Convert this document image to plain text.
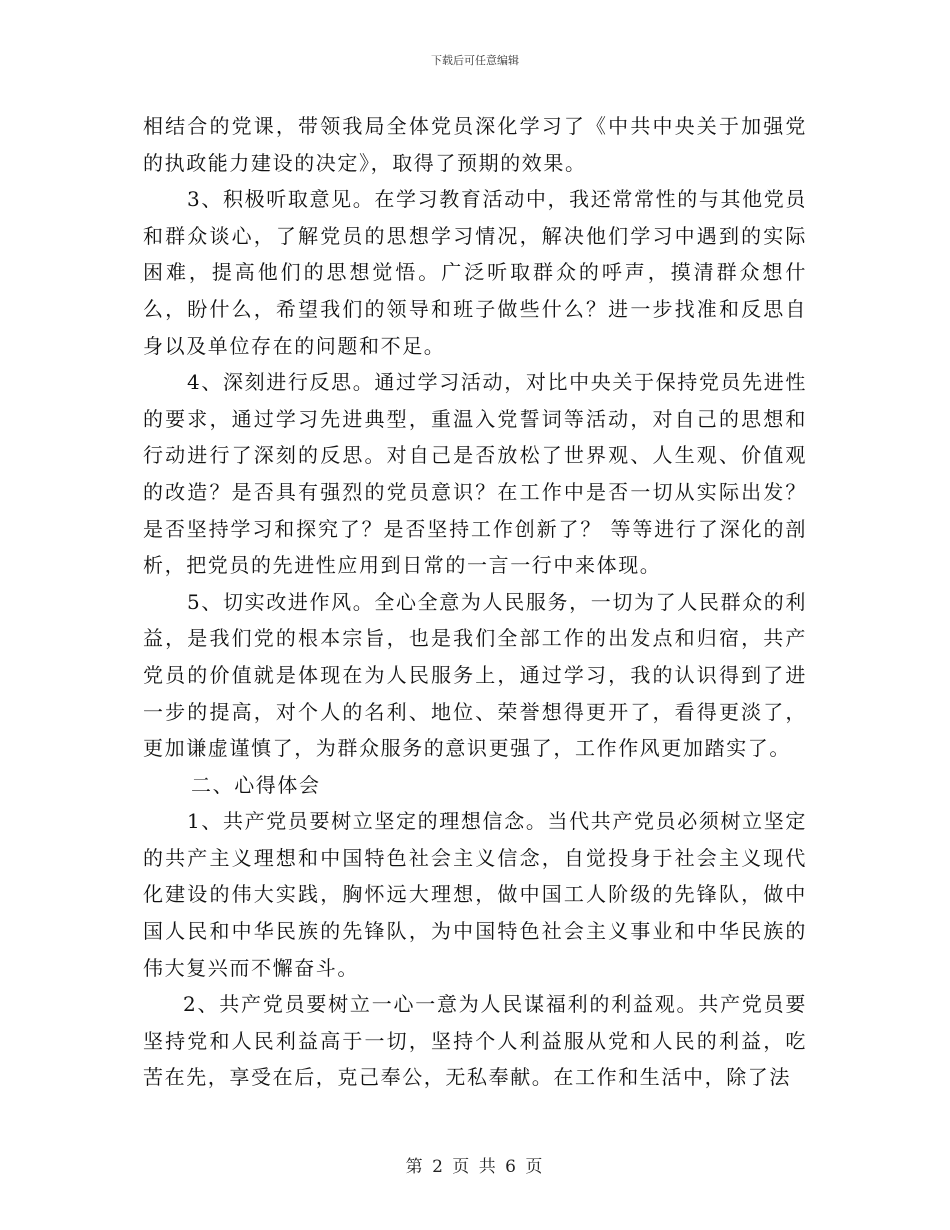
下载后可任意编辑

相结合的党课，带领我局全体党员深化学习了《中共中央关于加强党的执政能力建设的决定》，取得了预期的效果。

3、积极听取意见。在学习教育活动中，我还常常性的与其他党员和群众谈心，了解党员的思想学习情况，解决他们学习中遇到的实际困难，提高他们的思想觉悟。广泛听取群众的呼声，摸清群众想什么，盼什么，希望我们的领导和班子做些什么？进一步找准和反思自身以及单位存在的问题和不足。

4、深刻进行反思。通过学习活动，对比中央关于保持党员先进性的要求，通过学习先进典型，重温入党誓词等活动，对自己的思想和行动进行了深刻的反思。对自己是否放松了世界观、人生观、价值观的改造？是否具有强烈的党员意识？在工作中是否一切从实际出发？是否坚持学习和探究了？是否坚持工作创新了？ 等等进行了深化的剖析，把党员的先进性应用到日常的一言一行中来体现。

5、切实改进作风。全心全意为人民服务，一切为了人民群众的利益，是我们党的根本宗旨，也是我们全部工作的出发点和归宿，共产党员的价值就是体现在为人民服务上，通过学习，我的认识得到了进一步的提高，对个人的名利、地位、荣誉想得更开了，看得更淡了，更加谦虚谨慎了，为群众服务的意识更强了，工作作风更加踏实了。

二、心得体会

1、共产党员要树立坚定的理想信念。当代共产党员必须树立坚定的共产主义理想和中国特色社会主义信念，自觉投身于社会主义现代化建设的伟大实践，胸怀远大理想，做中国工人阶级的先锋队，做中国人民和中华民族的先锋队，为中国特色社会主义事业和中华民族的伟大复兴而不懈奋斗。

2、共产党员要树立一心一意为人民谋福利的利益观。共产党员要坚持党和人民利益高于一切，坚持个人利益服从党和人民的利益，吃苦在先，享受在后，克己奉公，无私奉献。在工作和生活中，除了法

第 2 页 共 6 页
